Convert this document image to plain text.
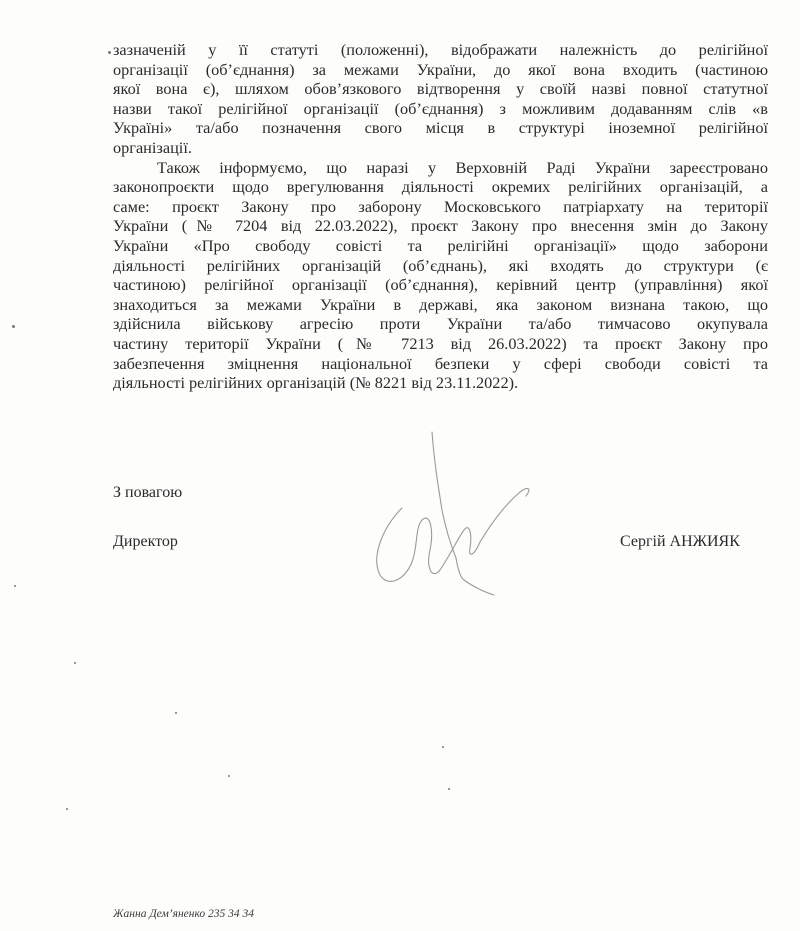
зазначеній у її статуті (положенні), відображати належність до релігійної
організації (об’єднання) за межами України, до якої вона входить (частиною
якої вона є), шляхом обов’язкового відтворення у своїй назві повної статутної
назви такої релігійної організації (об’єднання) з можливим додаванням слів «в
Україні» та/або позначення свого місця в структурі іноземної релігійної
організації.
Також інформуємо, що наразі у Верховній Раді України зареєстровано
законопроєкти щодо врегулювання діяльності окремих релігійних організацій, а
саме: проєкт Закону про заборону Московського патріархату на території
України (№ 7204 від 22.03.2022), проєкт Закону про внесення змін до Закону
України «Про свободу совісті та релігійні організації» щодо заборони
діяльності релігійних організацій (об’єднань), які входять до структури (є
частиною) релігійної організації (об’єднання), керівний центр (управління) якої
знаходиться за межами України в державі, яка законом визнана такою, що
здійснила військову агресію проти України та/або тимчасово окупувала
частину території України (№ 7213 від 26.03.2022) та проєкт Закону про
забезпечення зміцнення національної безпеки у сфері свободи совісті та
діяльності релігійних організацій (№ 8221 від 23.11.2022).
З повагою
Директор	Сергій АНЖИЯК
Жанна Дем’яненко 235 34 34
